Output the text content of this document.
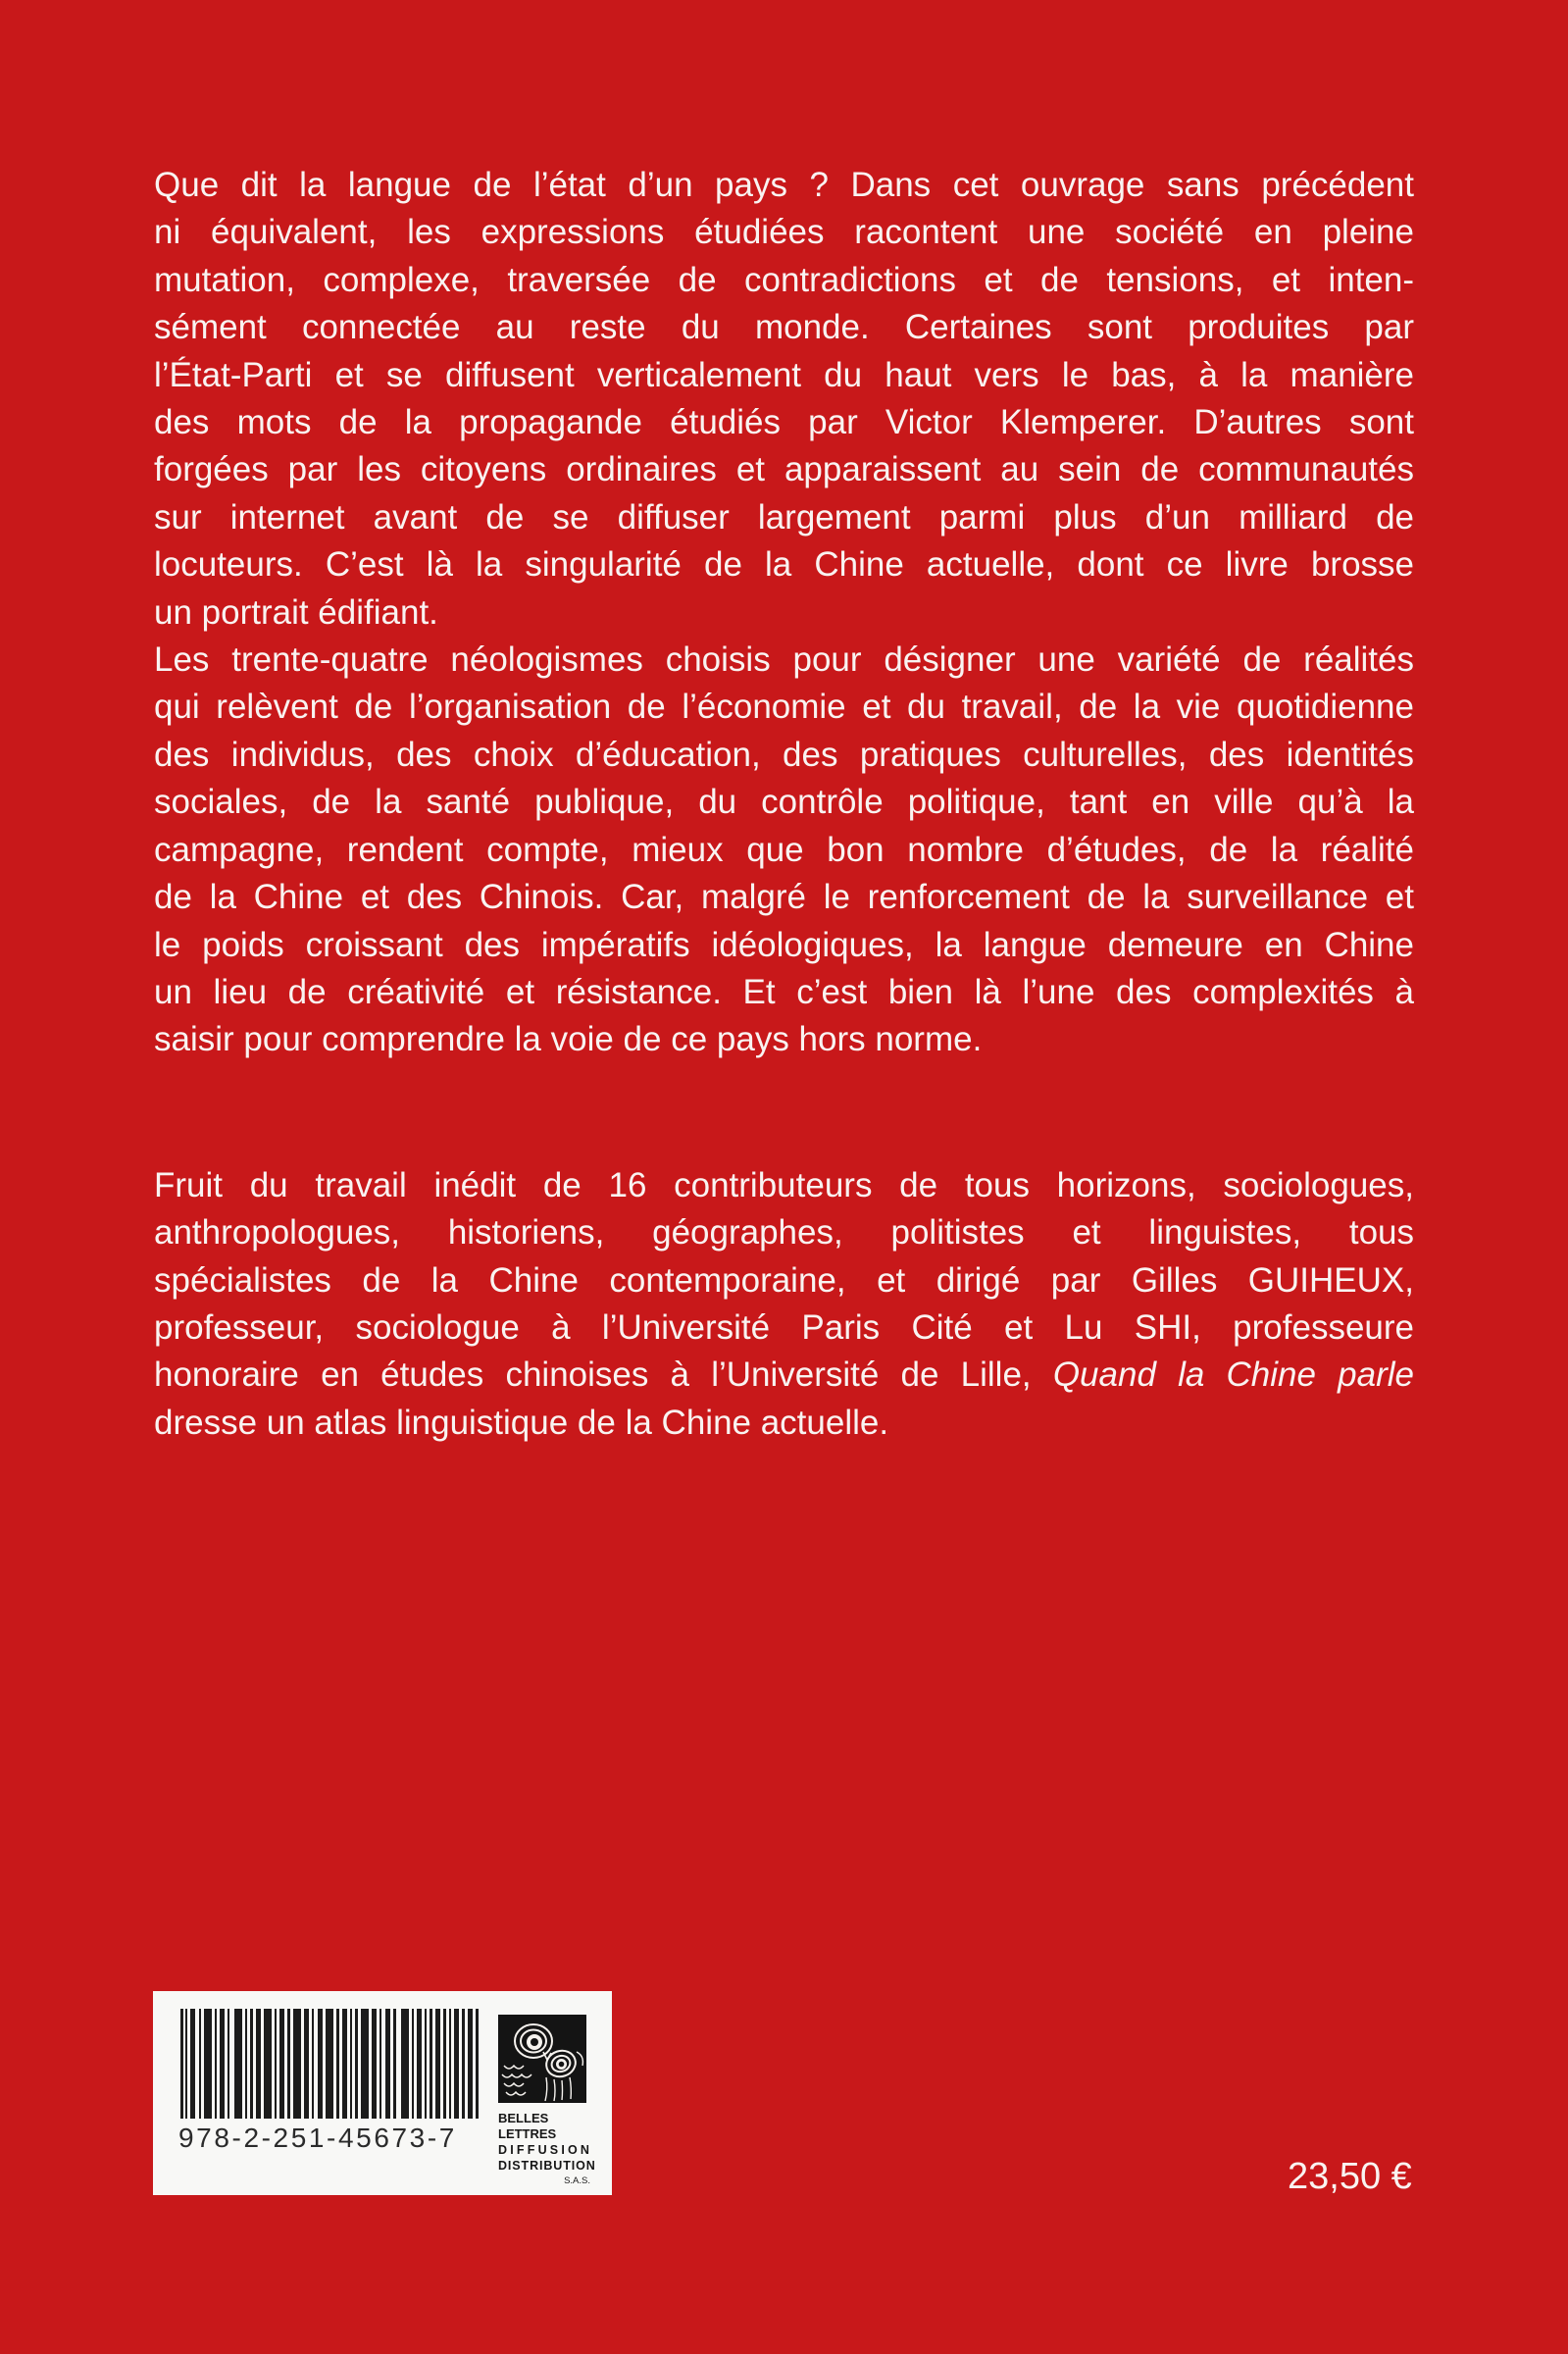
Que dit la langue de l’état d’un pays ? Dans cet ouvrage sans précédent
ni équivalent, les expressions étudiées racontent une société en pleine
mutation, complexe, traversée de contradictions et de tensions, et inten-
sément connectée au reste du monde. Certaines sont produites par
l’État-Parti et se diffusent verticalement du haut vers le bas, à la manière
des mots de la propagande étudiés par Victor Klemperer. D’autres sont
forgées par les citoyens ordinaires et apparaissent au sein de communautés
sur internet avant de se diffuser largement parmi plus d’un milliard de
locuteurs. C’est là la singularité de la Chine actuelle, dont ce livre brosse
un portrait édifiant.
Les trente-quatre néologismes choisis pour désigner une variété de réalités
qui relèvent de l’organisation de l’économie et du travail, de la vie quotidienne
des individus, des choix d’éducation, des pratiques culturelles, des identités
sociales, de la santé publique, du contrôle politique, tant en ville qu’à la
campagne, rendent compte, mieux que bon nombre d’études, de la réalité
de la Chine et des Chinois. Car, malgré le renforcement de la surveillance et
le poids croissant des impératifs idéologiques, la langue demeure en Chine
un lieu de créativité et résistance. Et c’est bien là l’une des complexités à
saisir pour comprendre la voie de ce pays hors norme.
Fruit du travail inédit de 16 contributeurs de tous horizons, sociologues,
anthropologues, historiens, géographes, politistes et linguistes, tous
spécialistes de la Chine contemporaine, et dirigé par Gilles GUIHEUX,
professeur, sociologue à l’Université Paris Cité et Lu SHI, professeure
honoraire en études chinoises à l’Université de Lille, Quand la Chine parle
dresse un atlas linguistique de la Chine actuelle.
978-2-251-45673-7
BELLES LETTRES
DIFFUSION
DISTRIBUTION
S.A.S.	23,50 €
